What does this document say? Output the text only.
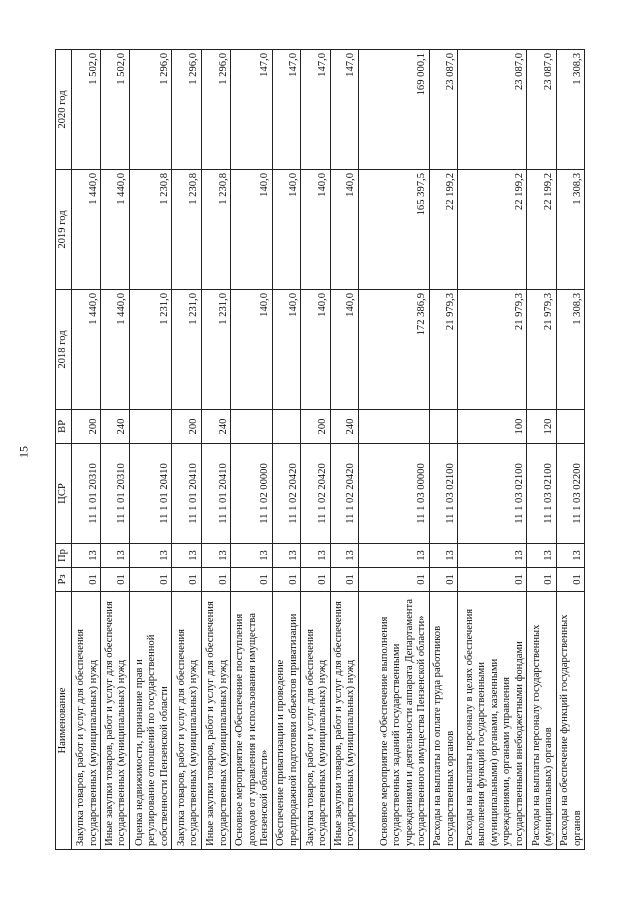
15
Наименование	Рз	Пр	ЦСР	ВР	2018 год	2019 год	2020 год
Закупка товаров, работ и услуг для обеспечения государственных (муниципальных) нужд	01	13	11 1 01 20310	200	1 440,0	1 440,0	1 502,0
Иные закупки товаров, работ и услуг для обеспечения государственных (муниципальных) нужд	01	13	11 1 01 20310	240	1 440,0	1 440,0	1 502,0
Оценка недвижимости, признание прав и регулирование отношений по государственной собственности Пензенской области	01	13	11 1 01 20410		1 231,0	1 230,8	1 296,0
Закупка товаров, работ и услуг для обеспечения государственных (муниципальных) нужд	01	13	11 1 01 20410	200	1 231,0	1 230,8	1 296,0
Иные закупки товаров, работ и услуг для обеспечения государственных (муниципальных) нужд	01	13	11 1 01 20410	240	1 231,0	1 230,8	1 296,0
Основное мероприятие «Обеспечение поступления доходов от управления и использования имущества Пензенской области»	01	13	11 1 02 00000		140,0	140,0	147,0
Обеспечение приватизации и проведение предпродажной подготовки объектов приватизации	01	13	11 1 02 20420		140,0	140,0	147,0
Закупка товаров, работ и услуг для обеспечения государственных (муниципальных) нужд	01	13	11 1 02 20420	200	140,0	140,0	147,0
Иные закупки товаров, работ и услуг для обеспечения государственных (муниципальных) нужд	01	13	11 1 02 20420	240	140,0	140,0	147,0
Основное мероприятие «Обеспечение выполнения государственных заданий государственными учреждениями и деятельности аппарата Департамента государственного имущества Пензенской области»	01	13	11 1 03 00000		172 386,9	165 397,5	169 000,1
Расходы на выплаты по оплате труда работников государственных органов	01	13	11 1 03 02100		21 979,3	22 199,2	23 087,0
Расходы на выплаты персоналу в целях обеспечения выполнения функций государственными (муниципальными) органами, казенными учреждениями, органами управления государственными внебюджетными фондами	01	13	11 1 03 02100	100	21 979,3	22 199,2	23 087,0
Расходы на выплаты персоналу государственных (муниципальных) органов	01	13	11 1 03 02100	120	21 979,3	22 199,2	23 087,0
Расходы на обеспечение функций государственных органов	01	13	11 1 03 02200		1 308,3	1 308,3	1 308,3
